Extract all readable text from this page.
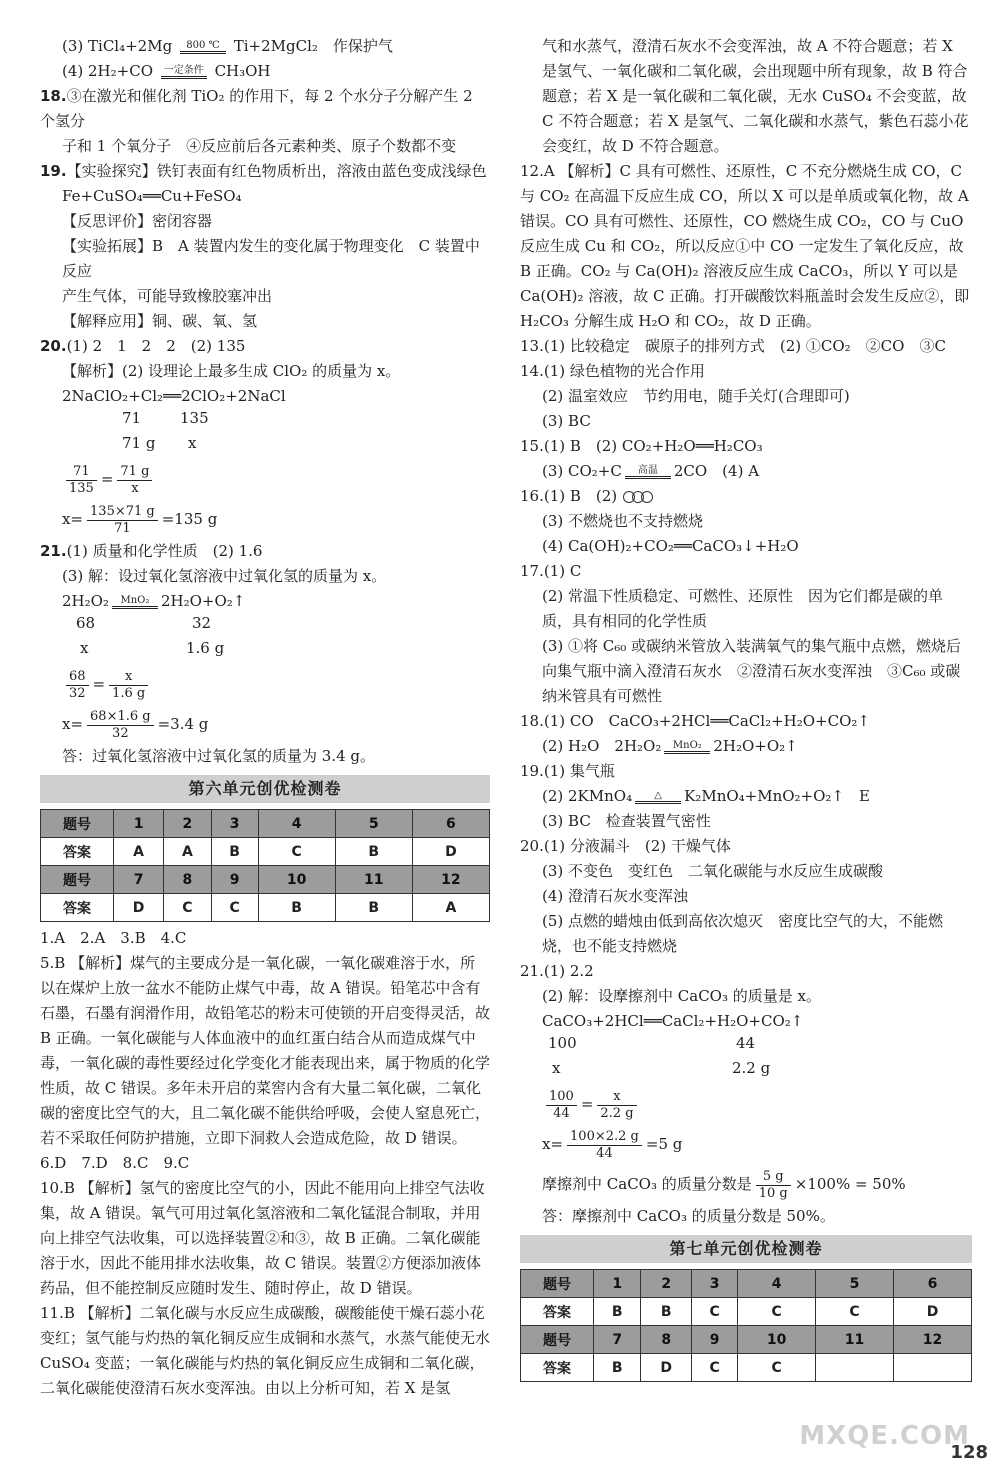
(3) TiCl₄+2Mg	800 ℃ Ti+2MgCl₂　作保护气

(4) 2H₂+CO	一定条件 CH₃OH

18.③在激光和催化剂 TiO₂ 的作用下，每 2 个水分子分解产生 2 个氢分

子和 1 个氧分子　④反应前后各元素种类、原子个数都不变

19.【实验探究】铁钉表面有红色物质析出，溶液由蓝色变成浅绿色

Fe+CuSO₄══Cu+FeSO₄

【反思评价】密闭容器

【实验拓展】B　A 装置内发生的变化属于物理变化　C 装置中反应

产生气体，可能导致橡胶塞冲出

【解释应用】铜、碳、氧、氢

20.(1) 2　1　2　2　(2) 135

【解析】(2) 设理论上最多生成 ClO₂ 的质量为 x。

2NaClO₂+Cl₂══2ClO₂+2NaCl

71	135
71 g x

$\frac{71}{135} = \frac{71 g}{x}$

$x= \frac{135\times 71 g}{71} =135$ g

21.(1) 质量和化学性质　(2) 1.6

(3) 解：设过氧化氢溶液中过氧化氢的质量为 x。

2H₂O₂	MnO₂ 2H₂O+O₂↑

68	32
x	1.6 g

$\frac{68}{32} = \frac{x}{1.6 g}$

$x= \frac{68\times 1.6 g}{32} =3.4$ g

答：过氧化氢溶液中过氧化氢的质量为 3.4 g。

第六单元创优检测卷
题号	1	2	3	4	5	6
答案	A	A	B	C	B	D
题号	7	8	9	10	11	12
答案	D	C	C	B	B	A

1.A　2.A　3.B　4.C

5.B 【解析】煤气的主要成分是一氧化碳，一氧化碳难溶于水，所以在煤炉上放一盆水不能防止煤气中毒，故 A 错误。铅笔芯中含有石墨，石墨有润滑作用，故铅笔芯的粉末可使锁的开启变得灵活，故 B 正确。一氧化碳能与人体血液中的血红蛋白结合从而造成煤气中毒，一氧化碳的毒性要经过化学变化才能表现出来，属于物质的化学性质，故 C 错误。多年未开启的菜窖内含有大量二氧化碳，二氧化碳的密度比空气的大，且二氧化碳不能供给呼吸，会使人窒息死亡，若不采取任何防护措施，立即下洞救人会造成危险，故 D 错误。

6.D　7.D　8.C　9.C

10.B 【解析】氢气的密度比空气的小，因此不能用向上排空气法收集，故 A 错误。氧气可用过氧化氢溶液和二氧化锰混合制取，并用向上排空气法收集，可以选择装置②和③，故 B 正确。二氧化碳能溶于水，因此不能用排水法收集，故 C 错误。装置②方便添加液体药品，但不能控制反应随时发生、随时停止，故 D 错误。

11.B 【解析】二氧化碳与水反应生成碳酸，碳酸能使干燥石蕊小花变红；氢气能与灼热的氧化铜反应生成铜和水蒸气，水蒸气能使无水 CuSO₄ 变蓝；一氧化碳能与灼热的氧化铜反应生成铜和二氧化碳，二氧化碳能使澄清石灰水变浑浊。由以上分析可知，若 X 是氢

气和水蒸气，澄清石灰水不会变浑浊，故 A 不符合题意；若 X 是氢气、一氧化碳和二氧化碳，会出现题中所有现象，故 B 符合题意；若 X 是一氧化碳和二氧化碳，无水 CuSO₄ 不会变蓝，故 C 不符合题意；若 X 是氢气、二氧化碳和水蒸气，紫色石蕊小花会变红，故 D 不符合题意。

12.A 【解析】C 具有可燃性、还原性，C 不充分燃烧生成 CO，C 与 CO₂ 在高温下反应生成 CO，所以 X 可以是单质或氧化物，故 A 错误。CO 具有可燃性、还原性，CO 燃烧生成 CO₂，CO 与 CuO 反应生成 Cu 和 CO₂，所以反应①中 CO 一定发生了氧化反应，故 B 正确。CO₂ 与 Ca(OH)₂ 溶液反应生成 CaCO₃，所以 Y 可以是 Ca(OH)₂ 溶液，故 C 正确。打开碳酸饮料瓶盖时会发生反应②，即 H₂CO₃ 分解生成 H₂O 和 CO₂，故 D 正确。

13.(1) 比较稳定　碳原子的排列方式　(2) ①CO₂　②CO　③C

14.(1) 绿色植物的光合作用

(2) 温室效应　节约用电，随手关灯(合理即可)

(3) BC

15.(1) B　(2) CO₂+H₂O══H₂CO₃

(3) CO₂+C	高温	2CO　(4) A

16.(1) B　(2)

(3) 不燃烧也不支持燃烧

(4) Ca(OH)₂+CO₂══CaCO₃↓+H₂O

17.(1) C

(2) 常温下性质稳定、可燃性、还原性　因为它们都是碳的单质，具有相同的化学性质

(3) ①将 C₆₀ 或碳纳米管放入装满氧气的集气瓶中点燃，燃烧后向集气瓶中滴入澄清石灰水　②澄清石灰水变浑浊　③C₆₀ 或碳纳米管具有可燃性

18.(1) CO　CaCO₃+2HCl══CaCl₂+H₂O+CO₂↑

(2) H₂O　2H₂O₂	MnO₂ 2H₂O+O₂↑

19.(1) 集气瓶

(2) 2KMnO₄	△	K₂MnO₄+MnO₂+O₂↑　E

(3) BC　检查装置气密性

20.(1) 分液漏斗　(2) 干燥气体

(3) 不变色　变红色　二氧化碳能与水反应生成碳酸

(4) 澄清石灰水变浑浊

(5) 点燃的蜡烛由低到高依次熄灭　密度比空气的大，不能燃烧，也不能支持燃烧

21.(1) 2.2

(2) 解：设摩擦剂中 CaCO₃ 的质量是 x。

CaCO₃+2HCl══CaCl₂+H₂O+CO₂↑

100	44
x	2.2 g

$\frac{100}{44} = \frac{x}{2.2 g}$

$x= \frac{100\times 2.2 g}{44} =5$ g

摩擦剂中 CaCO₃ 的质量分数是 $\frac{5 g}{10 g} \times 100\% = 50\%$

答：摩擦剂中 CaCO₃ 的质量分数是 50%。

第七单元创优检测卷
题号	1	2	3	4	5	6
答案	B	B	C	C	C	D
题号	7	8	9	10	11	12
答案	B	D	C	C		
MXQE.COM
128
